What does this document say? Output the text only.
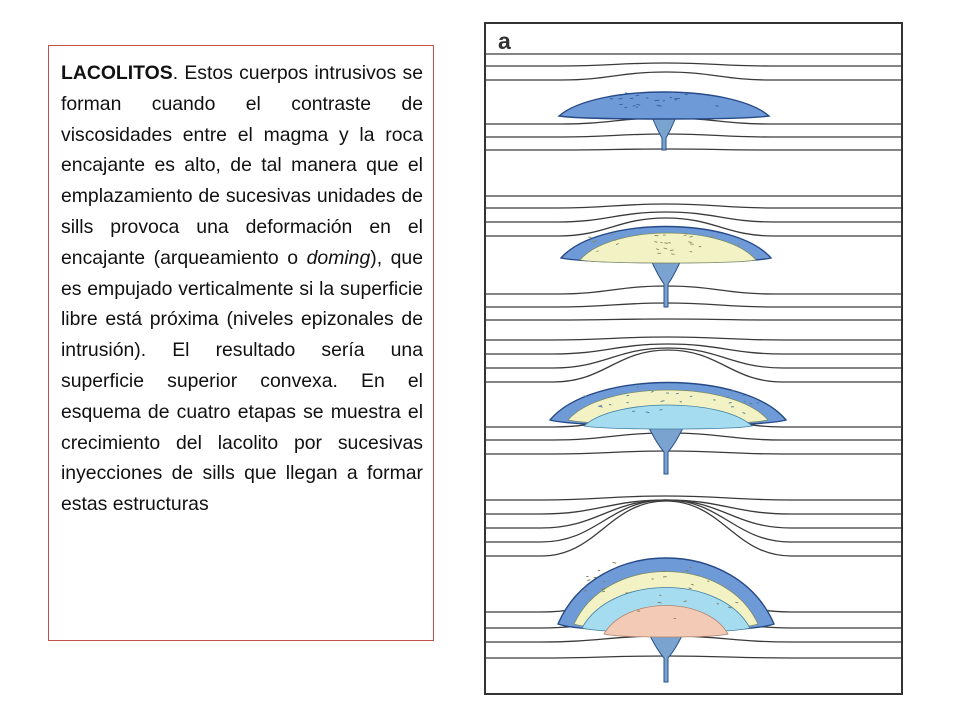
LACOLITOS. Estos cuerpos intrusivos se forman cuando el contraste de viscosidades entre el magma y la roca encajante es alto, de tal manera que el emplazamiento de sucesivas unidades de sills provoca una deformación en el encajante (arqueamiento o doming), que es empujado verticalmente si la superficie libre está próxima (niveles epizonales de intrusión). El resultado sería una superficie superior convexa. En el esquema de cuatro etapas se muestra el crecimiento del lacolito por sucesivas inyecciones de sills que llegan a formar estas estructuras

a
